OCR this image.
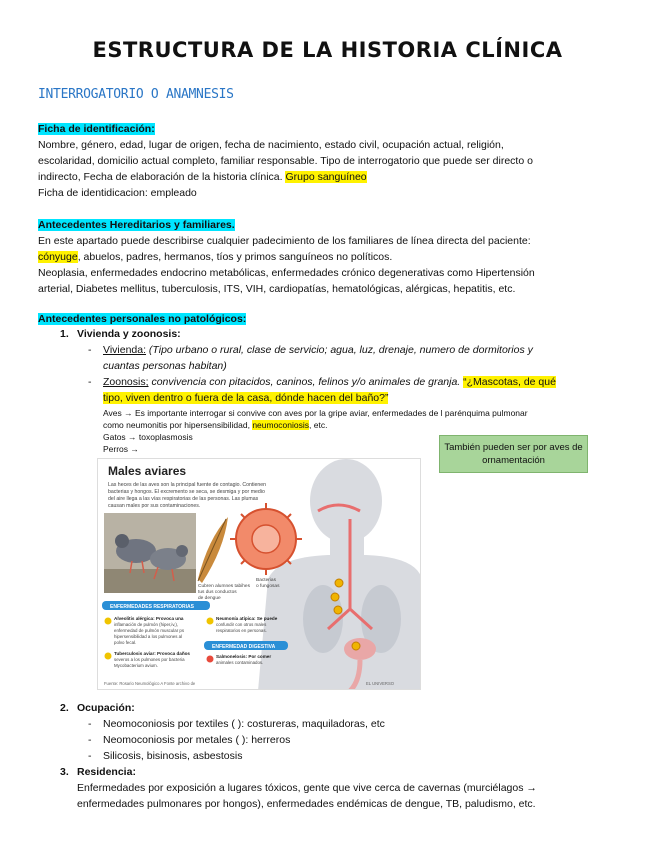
ESTRUCTURA DE LA HISTORIA CLÍNICA
INTERROGATORIO O ANAMNESIS
Ficha de identificación:
Nombre, género, edad, lugar de origen, fecha de nacimiento, estado civil, ocupación actual, religión,
escolaridad, domicilio actual completo, familiar responsable. Tipo de interrogatorio que puede ser directo o
indirecto, Fecha de elaboración de la historia clínica. Grupo sanguíneo
Ficha de identidicacion: empleado
Antecedentes Hereditarios y familiares.
En este apartado puede describirse cualquier padecimiento de los familiares de línea directa del paciente:
cónyuge, abuelos, padres, hermanos, tíos y primos sanguíneos no políticos.
Neoplasia, enfermedades endocrino metabólicas, enfermedades crónico degenerativas como Hipertensión
arterial, Diabetes mellitus, tuberculosis, ITS, VIH, cardiopatías, hematológicas, alérgicas, hepatitis, etc.
Antecedentes personales no patológicos:
1. Vivienda y zoonosis:
- Vivienda: (Tipo urbano o rural, clase de servicio; agua, luz, drenaje, numero de dormitorios y
cuantas personas habitan)
- Zoonosis; convivencia con pitacidos, caninos, felinos y/o animales de granja. “¿Mascotas, de qué
tipo, viven dentro o fuera de la casa, dónde hacen del baño?”
Aves → Es importante interrogar si convive con aves por la gripe aviar, enfermedades de l parénquima pulmonar
como neumonitis por hipersensibilidad, neumoconiosis, etc.
Gatos → toxoplasmosis
Perros →	También pueden ser por aves de ornamentación
Males aviares
Las heces de las aves son la principal fuente de contagio. Contienen
bacterias y hongos. El excremento se seca, se desmiga y por medio
del aire llega a las vías respiratorias de las personas. Las plumas
causan males por sus contaminaciones.
Cubren alumnes tabihes
tus dus conductos
de dengue
Bacterias
o fungosas
ENFERMEDADES RESPIRATORIAS
Alveolitis alérgica: Provoca una
inflamación de pulmón (hiper,iv,),
enfermedad de pulmón muscular ps
hipersensibilidad a los pulmones al
polvo fecal.
Tuberculosis aviar: Provoca daños
severos a los pulmones por bacteria
Mycobacterium avium.
Neumonía atípica: Se puede
confundir con otros males
respiratorios en personas.
ENFERMEDAD DIGESTIVA
Salmonelosis: Por comer
animales contaminados.
Fuente: Rosario Neumológico A Fonte archivo de	EL UNIVERSO
2. Ocupación:
- Neomoconiosis por textiles ( ): costureras, maquiladoras, etc
- Neomoconiosis por metales ( ): herreros
- Silicosis, bisinosis, asbestosis
3. Residencia:
Enfermedades por exposición a lugares tóxicos, gente que vive cerca de cavernas (murciélagos →
enfermedades pulmonares por hongos), enfermedades endémicas de dengue, TB, paludismo, etc.
